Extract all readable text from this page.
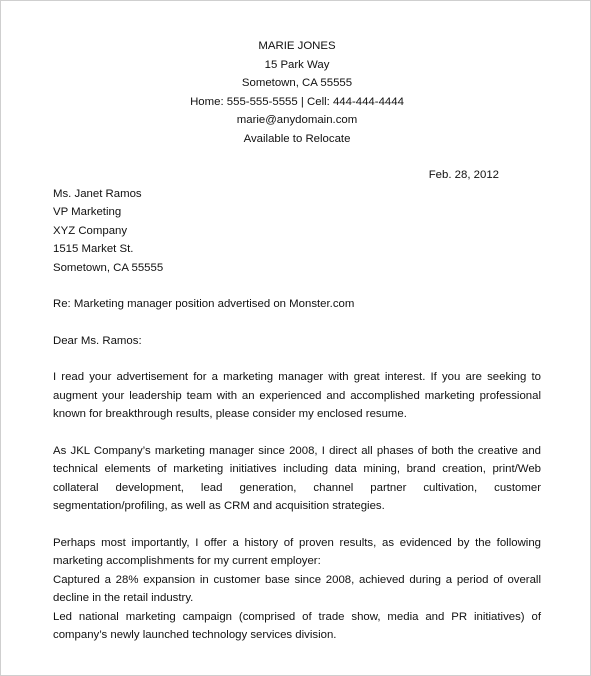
MARIE JONES
15 Park Way
Sometown, CA 55555
Home: 555-555-5555 | Cell: 444-444-4444
marie@anydomain.com
Available to Relocate
Feb. 28, 2012
Ms. Janet Ramos
VP Marketing
XYZ Company
1515 Market St.
Sometown, CA 55555
Re: Marketing manager position advertised on Monster.com
Dear Ms. Ramos:
I read your advertisement for a marketing manager with great interest. If you are seeking to augment your leadership team with an experienced and accomplished marketing professional known for breakthrough results, please consider my enclosed resume.
As JKL Company’s marketing manager since 2008, I direct all phases of both the creative and technical elements of marketing initiatives including data mining, brand creation, print/Web collateral development, lead generation, channel partner cultivation, customer segmentation/profiling, as well as CRM and acquisition strategies.
Perhaps most importantly, I offer a history of proven results, as evidenced by the following marketing accomplishments for my current employer:
Captured a 28% expansion in customer base since 2008, achieved during a period of overall decline in the retail industry.
Led national marketing campaign (comprised of trade show, media and PR initiatives) of company’s newly launched technology services division.
